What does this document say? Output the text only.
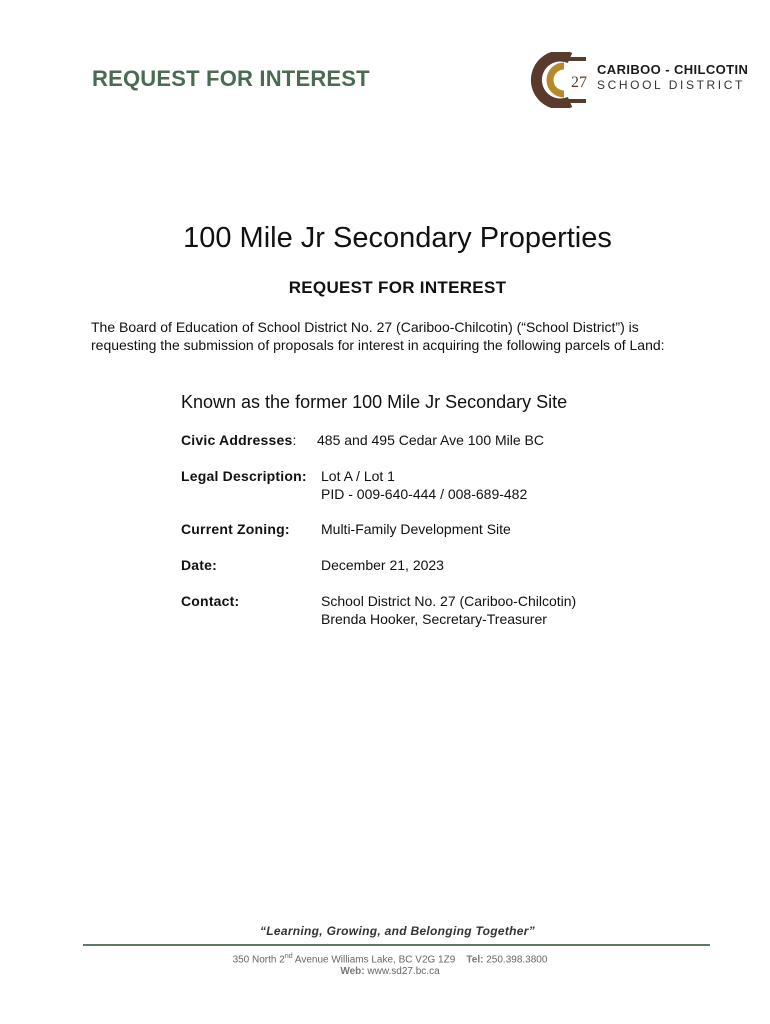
REQUEST FOR INTEREST	27
CARIBOO - CHILCOTIN
SCHOOL DISTRICT
100 Mile Jr Secondary Properties
REQUEST FOR INTEREST
The Board of Education of School District No. 27 (Cariboo-Chilcotin) (“School District”) is requesting the submission of proposals for interest in acquiring the following parcels of Land:
Known as the former 100 Mile Jr Secondary Site
Civic Addresses: 485 and 495 Cedar Ave 100 Mile BC
Legal Description: Lot A / Lot 1
PID - 009-640-444 / 008-689-482
Current Zoning: Multi-Family Development Site
Date:	December 21, 2023
Contact:	School District No. 27 (Cariboo-Chilcotin)
Brenda Hooker, Secretary-Treasurer
“Learning, Growing, and Belonging Together”
350 North 2nd Avenue Williams Lake, BC V2G 1Z9 Tel: 250.398.3800
Web: www.sd27.bc.ca
